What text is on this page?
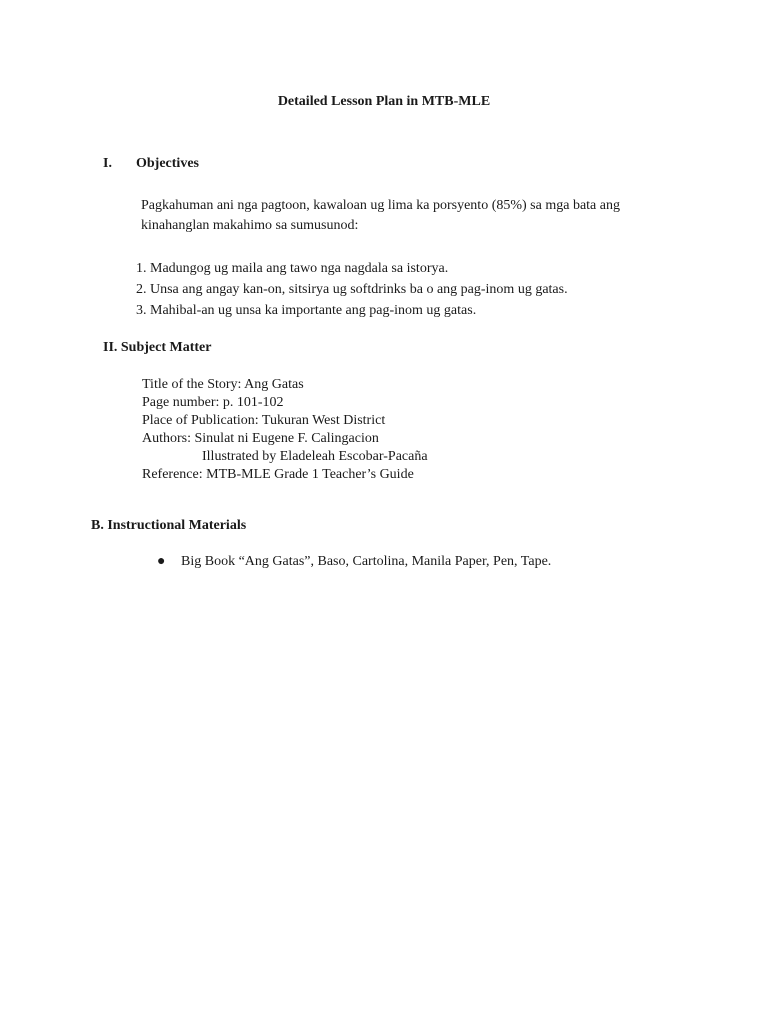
Detailed Lesson Plan in MTB-MLE
I. Objectives
Pagkahuman ani nga pagtoon, kawaloan ug lima ka porsyento (85%) sa mga bata ang kinahanglan makahimo sa sumusunod:
1. Madungog ug maila ang tawo nga nagdala sa istorya.
2. Unsa ang angay kan-on, sitsirya ug softdrinks ba o ang pag-inom ug gatas.
3. Mahibal-an ug unsa ka importante ang pag-inom ug gatas.
II. Subject Matter
Title of the Story: Ang Gatas
Page number: p. 101-102
Place of Publication: Tukuran West District
Authors: Sinulat ni Eugene F. Calingacion
Illustrated by Eladeleah Escobar-Pacaña
Reference: MTB-MLE Grade 1 Teacher’s Guide
B. Instructional Materials
● Big Book “Ang Gatas”, Baso, Cartolina, Manila Paper, Pen, Tape.
